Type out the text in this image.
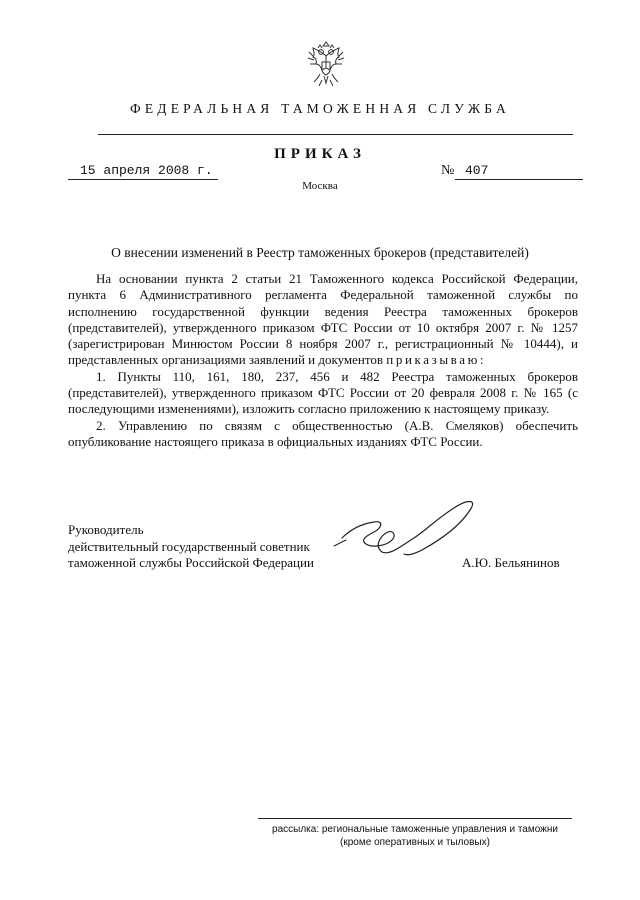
ФЕДЕРАЛЬНАЯ ТАМОЖЕННАЯ СЛУЖБА
ПРИКАЗ
15 апреля 2008 г.	№ 407
Москва
О внесении изменений в Реестр таможенных брокеров (представителей)

На основании пункта 2 статьи 21 Таможенного кодекса Российской Федерации, пункта 6 Административного регламента Федеральной таможенной службы по исполнению государственной функции ведения Реестра таможенных брокеров (представителей), утвержденного приказом ФТС России от 10 октября 2007 г. № 1257 (зарегистрирован Минюстом России 8 ноября 2007 г., регистрационный № 10444), и представленных организациями заявлений и документов приказываю:

1. Пункты 110, 161, 180, 237, 456 и 482 Реестра таможенных брокеров (представителей), утвержденного приказом ФТС России от 20 февраля 2008 г. № 165 (с последующими изменениями), изложить согласно приложению к настоящему приказу.

2. Управлению по связям с общественностью (А.В. Смеляков) обеспечить опубликование настоящего приказа в официальных изданиях ФТС России.

Руководитель
действительный государственный советник
таможенной службы Российской Федерации	А.Ю. Бельянинов
рассылка: региональные таможенные управления и таможни
(кроме оперативных и тыловых)
